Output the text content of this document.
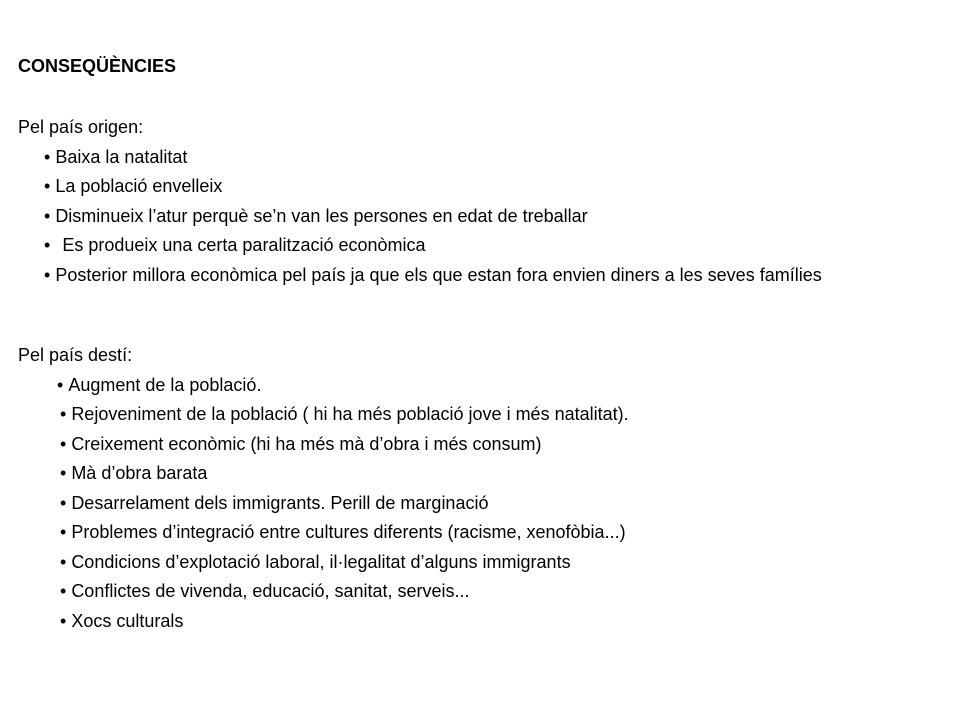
CONSEQÜÈNCIES
Pel país origen:
• Baixa la natalitat
• La població envelleix
• Disminueix l’atur perquè se’n van les persones en edat de treballar
• Es produeix una certa paralització econòmica
• Posterior millora econòmica pel país ja que els que estan fora envien diners a les seves famílies
Pel país destí:
• Augment de la població.
• Rejoveniment de la població ( hi ha més població jove i més natalitat).
• Creixement econòmic (hi ha més mà d’obra i més consum)
• Mà d’obra barata
• Desarrelament dels immigrants. Perill de marginació
• Problemes d’integració entre cultures diferents (racisme, xenofòbia...)
• Condicions d’explotació laboral, il·legalitat d’alguns immigrants
• Conflictes de vivenda, educació, sanitat, serveis...
• Xocs culturals
